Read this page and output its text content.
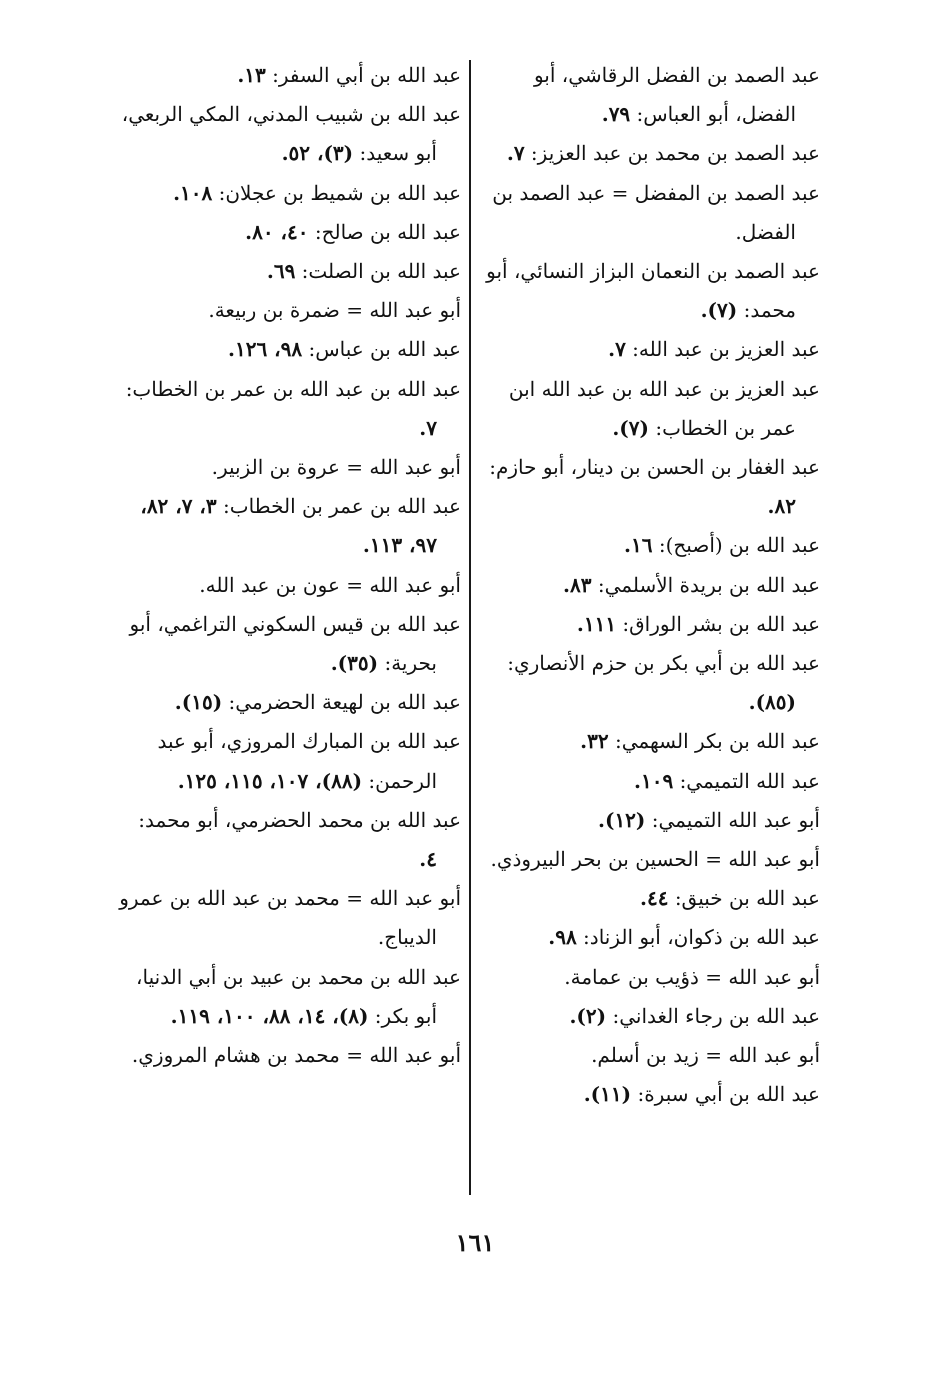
عبد الصمد بن الفضل الرقاشي، أبو الفضل، أبو العباس: ٧٩.

عبد الصمد بن محمد بن عبد العزيز: ٧.

عبد الصمد بن المفضل = عبد الصمد بن الفضل.

عبد الصمد بن النعمان البزاز النسائي، أبو محمد: (٧).

عبد العزيز بن عبد الله: ٧.

عبد العزيز بن عبد الله بن عبد الله ابن عمر بن الخطاب: (٧).

عبد الغفار بن الحسن بن دينار، أبو حازم: ٨٢.

عبد الله بن (أصبح): ١٦.

عبد الله بن بريدة الأسلمي: ٨٣.

عبد الله بن بشر الوراق: ١١١.

عبد الله بن أبي بكر بن حزم الأنصاري: (٨٥).

عبد الله بن بكر السهمي: ٣٢.

عبد الله التميمي: ١٠٩.

أبو عبد الله التميمي: (١٢).

أبو عبد الله = الحسين بن بحر البيروذي.

عبد الله بن خبيق: ٤٤.

عبد الله بن ذكوان، أبو الزناد: ٩٨.

أبو عبد الله = ذؤيب بن عمامة.

عبد الله بن رجاء الغداني: (٢).

أبو عبد الله = زيد بن أسلم.

عبد الله بن أبي سبرة: (١١).

عبد الله بن أبي السفر: ١٣.

عبد الله بن شبيب المدني، المكي الربعي، أبو سعيد: (٣)، ٥٢.

عبد الله بن شميط بن عجلان: ١٠٨.

عبد الله بن صالح: ٤٠، ٨٠.

عبد الله بن الصلت: ٦٩.

أبو عبد الله = ضمرة بن ربيعة.

عبد الله بن عباس: ٩٨، ١٢٦.

عبد الله بن عبد الله بن عمر بن الخطاب: ٧.

أبو عبد الله = عروة بن الزبير.

عبد الله بن عمر بن الخطاب: ٣، ٧، ٨٢، ٩٧، ١١٣.

أبو عبد الله = عون بن عبد الله.

عبد الله بن قيس السكوني التراغمي، أبو بحرية: (٣٥).

عبد الله بن لهيعة الحضرمي: (١٥).

عبد الله بن المبارك المروزي، أبو عبد الرحمن: (٨٨)، ١٠٧، ١١٥، ١٢٥.

عبد الله بن محمد الحضرمي، أبو محمد: ٤.

أبو عبد الله = محمد بن عبد الله بن عمرو الديباج.

عبد الله بن محمد بن عبيد بن أبي الدنيا، أبو بكر: (٨)، ١٤، ٨٨، ١٠٠، ١١٩.

أبو عبد الله = محمد بن هشام المروزي.

١٦١
